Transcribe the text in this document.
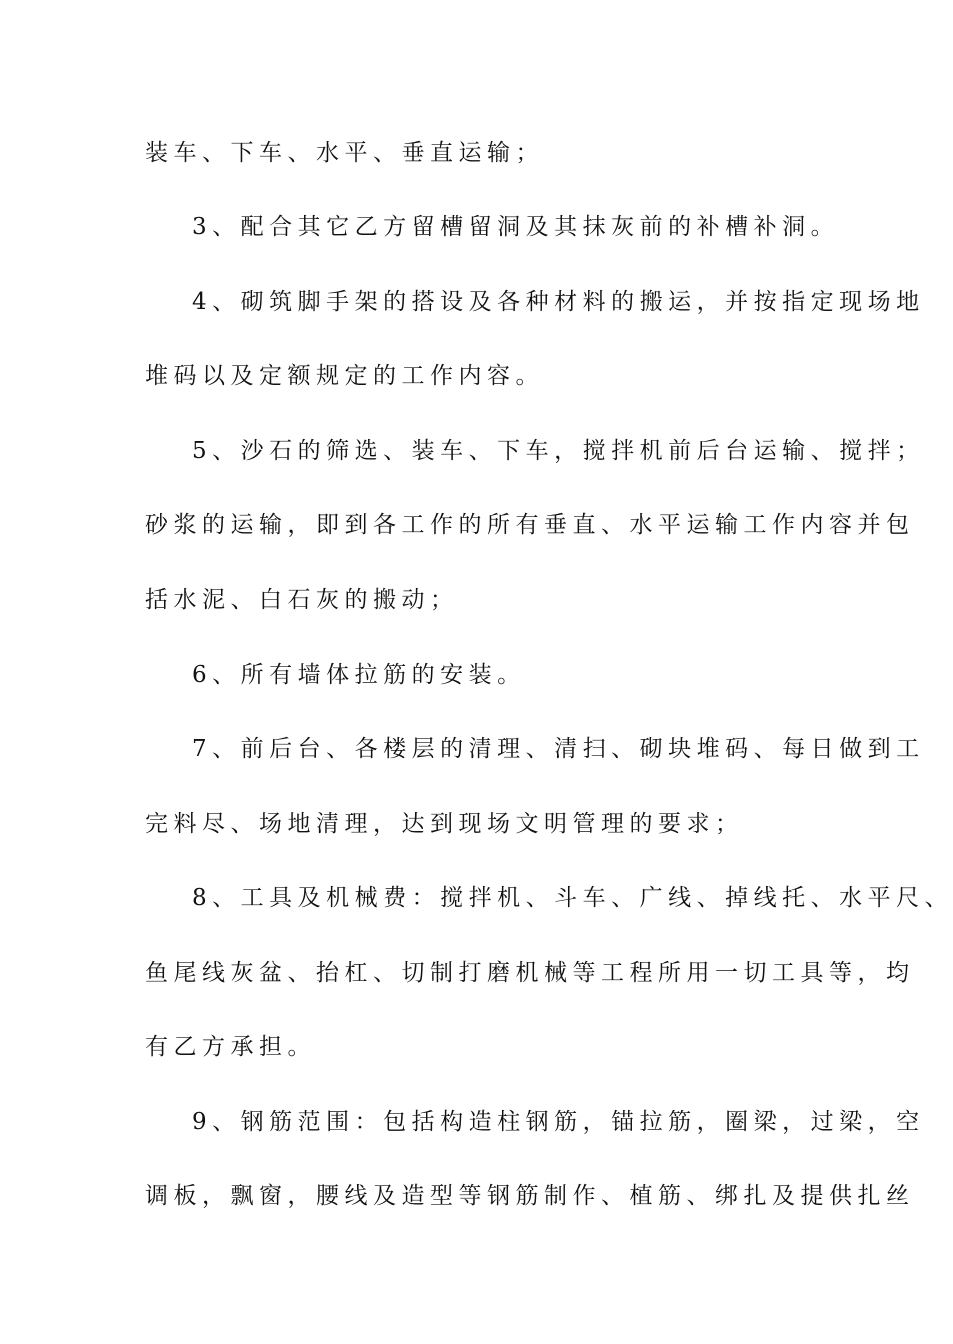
装车、下车、水平、垂直运输；
3、配合其它乙方留槽留洞及其抹灰前的补槽补洞。
4、砌筑脚手架的搭设及各种材料的搬运，并按指定现场地
堆码以及定额规定的工作内容。
5、沙石的筛选、装车、下车，搅拌机前后台运输、搅拌；
砂浆的运输，即到各工作的所有垂直、水平运输工作内容并包
括水泥、白石灰的搬动；
6、所有墙体拉筋的安装。
7、前后台、各楼层的清理、清扫、砌块堆码、每日做到工
完料尽、场地清理，达到现场文明管理的要求；
8、工具及机械费：搅拌机、斗车、广线、掉线托、水平尺、
鱼尾线灰盆、抬杠、切制打磨机械等工程所用一切工具等，均
有乙方承担。
9、钢筋范围：包括构造柱钢筋，锚拉筋，圈梁，过梁，空
调板，飘窗，腰线及造型等钢筋制作、植筋、绑扎及提供扎丝
